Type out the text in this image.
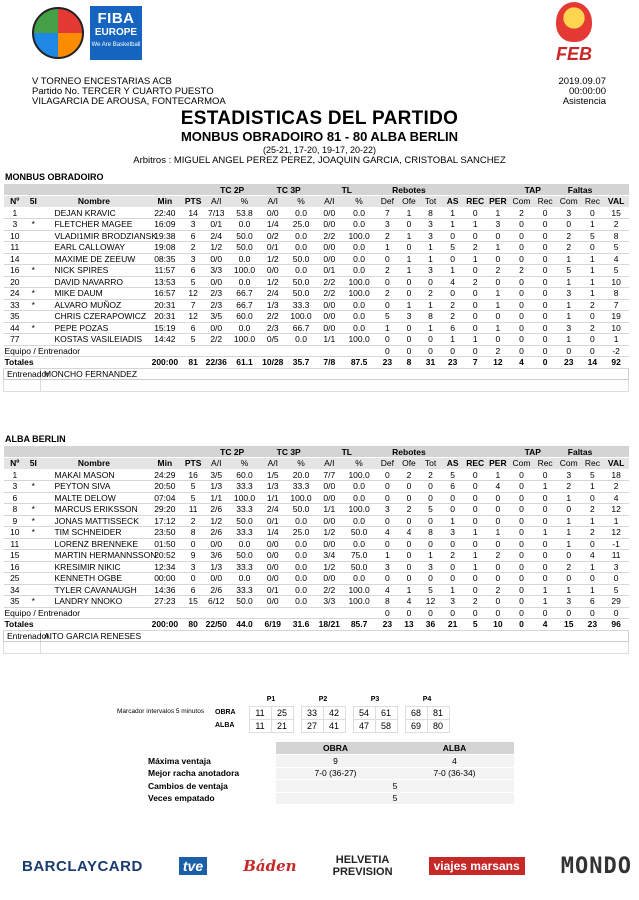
FIBA
EUROPE
We Are Basketball	FEB
V TORNEO ENCESTARIAS ACB
Partido No. TERCER Y CUARTO PUESTO
VILAGARCIA DE AROUSA, FONTECARMOA
2019.09.07
00:00:00
Asistencia
ESTADISTICAS DEL PARTIDO
MONBUS OBRADOIRO 81 - 80 ALBA BERLIN
(25-21, 17-20, 19-17, 20-22)
Arbitros : MIGUEL ANGEL PEREZ PEREZ, JOAQUIN GARCIA, CRISTOBAL SANCHEZ
MONBUS OBRADOIRO
					TC 2P		TC 3P		TL		Rebotes						TAP		Faltas		
Nº	5I	Nombre	Min	PTS	A/I	%	A/I	%	A/I	%	Def	Ofe	Tot	AS	REC	PER	Com	Rec	Com	Rec	VAL
1		DEJAN KRAVIC	22:40	14	7/13	53.8	0/0	0.0	0/0	0.0	7	1	8	1	0	1	2	0	3	0	15
3	*	FLETCHER MAGEE	16:09	3	0/1	0.0	1/4	25.0	0/0	0.0	3	0	3	1	1	3	0	0	0	1	2
10		VLADI1MIR BRODZIANSK	19:38	6	2/4	50.0	0/2	0.0	2/2	100.0	2	1	3	0	0	0	0	0	2	5	8
11		EARL CALLOWAY	19:08	2	1/2	50.0	0/1	0.0	0/0	0.0	1	0	1	5	2	1	0	0	2	0	5
14		MAXIME DE ZEEUW	08:35	3	0/0	0.0	1/2	50.0	0/0	0.0	0	1	1	0	1	0	0	0	1	1	4
16	*	NICK SPIRES	11:57	6	3/3	100.0	0/0	0.0	0/1	0.0	2	1	3	1	0	2	2	0	5	1	5
20		DAVID NAVARRO	13:53	5	0/0	0.0	1/2	50.0	2/2	100.0	0	0	0	4	2	0	0	0	1	1	10
24	*	MIKE DAUM	16:57	12	2/3	66.7	2/4	50.0	2/2	100.0	2	0	2	0	0	1	0	0	3	1	8
33	*	ALVARO MUÑOZ	20:31	7	2/3	66.7	1/3	33.3	0/0	0.0	0	1	1	2	0	1	0	0	1	2	7
35		CHRIS CZERAPOWICZ	20:31	12	3/5	60.0	2/2	100.0	0/0	0.0	5	3	8	2	0	0	0	0	1	0	19
44	*	PEPE POZAS	15:19	6	0/0	0.0	2/3	66.7	0/0	0.0	1	0	1	6	0	1	0	0	3	2	10
77		KOSTAS VASILEIADIS	14:42	5	2/2	100.0	0/5	0.0	1/1	100.0	0	0	0	1	1	0	0	0	1	0	1
Equipo / Entrenador											0	0	0	0	0	2	0	0	0	0	-2
Totales			200:00	81	22/36	61.1	10/28	35.7	7/8	87.5	23	8	31	23	7	12	4	0	23	14	92
Entrenador		MONCHO FERNANDEZ																			

ALBA BERLIN
					TC 2P		TC 3P		TL		Rebotes						TAP		Faltas		
Nº	5I	Nombre	Min	PTS	A/I	%	A/I	%	A/I	%	Def	Ofe	Tot	AS	REC	PER	Com	Rec	Com	Rec	VAL
1		MAKAI MASON	24:29	16	3/5	60.0	1/5	20.0	7/7	100.0	0	2	2	5	0	1	0	0	3	5	18
3	*	PEYTON SIVA	20:50	5	1/3	33.3	1/3	33.3	0/0	0.0	0	0	0	6	0	4	0	1	2	1	2
6		MALTE DELOW	07:04	5	1/1	100.0	1/1	100.0	0/0	0.0	0	0	0	0	0	0	0	0	1	0	4
8	*	MARCUS ERIKSSON	29:20	11	2/6	33.3	2/4	50.0	1/1	100.0	3	2	5	0	0	0	0	0	0	2	12
9	*	JONAS MATTISSECK	17:12	2	1/2	50.0	0/1	0.0	0/0	0.0	0	0	0	1	0	0	0	0	1	1	1
10	*	TIM SCHNEIDER	23:50	8	2/6	33.3	1/4	25.0	1/2	50.0	4	4	8	3	1	1	0	1	1	2	12
11		LORENZ BRENNEKE	01:50	0	0/0	0.0	0/0	0.0	0/0	0.0	0	0	0	0	0	0	0	0	1	0	-1
15		MARTIN HERMANNSSON	20:52	9	3/6	50.0	0/0	0.0	3/4	75.0	1	0	1	2	1	2	0	0	0	4	11
16		KRESIMIR NIKIC	12:34	3	1/3	33.3	0/0	0.0	1/2	50.0	3	0	3	0	1	0	0	0	2	1	3
25		KENNETH OGBE	00:00	0	0/0	0.0	0/0	0.0	0/0	0.0	0	0	0	0	0	0	0	0	0	0	0
34		TYLER CAVANAUGH	14:36	6	2/6	33.3	0/1	0.0	2/2	100.0	4	1	5	1	0	2	0	1	1	1	5
35	*	LANDRY NNOKO	27:23	15	6/12	50.0	0/0	0.0	3/3	100.0	8	4	12	3	2	0	0	1	3	6	29
Equipo / Entrenador											0	0	0	0	0	0	0	0	0	0	0
Totales			200:00	80	22/50	44.0	6/19	31.6	18/21	85.7	23	13	36	21	5	10	0	4	15	23	96
Entrenador		AITO GARCIA RENESES																			

Marcador intervalos 5 minutos
	P1			P2			P3			P4	
OBRA	11	25		33	42		54	61		68	81
ALBA	11	21		27	41		47	58		69	80
	OBRA	ALBA
Máxima ventaja	9	4
Mejor racha anotadora	7-0 (36-27)	7-0 (36-34)
Cambios de ventaja	5	
Veces empatado	5	
BARCLAYCARD	tve	Báden	HELVETIA
PREVISION	viajes marsans MONDO
